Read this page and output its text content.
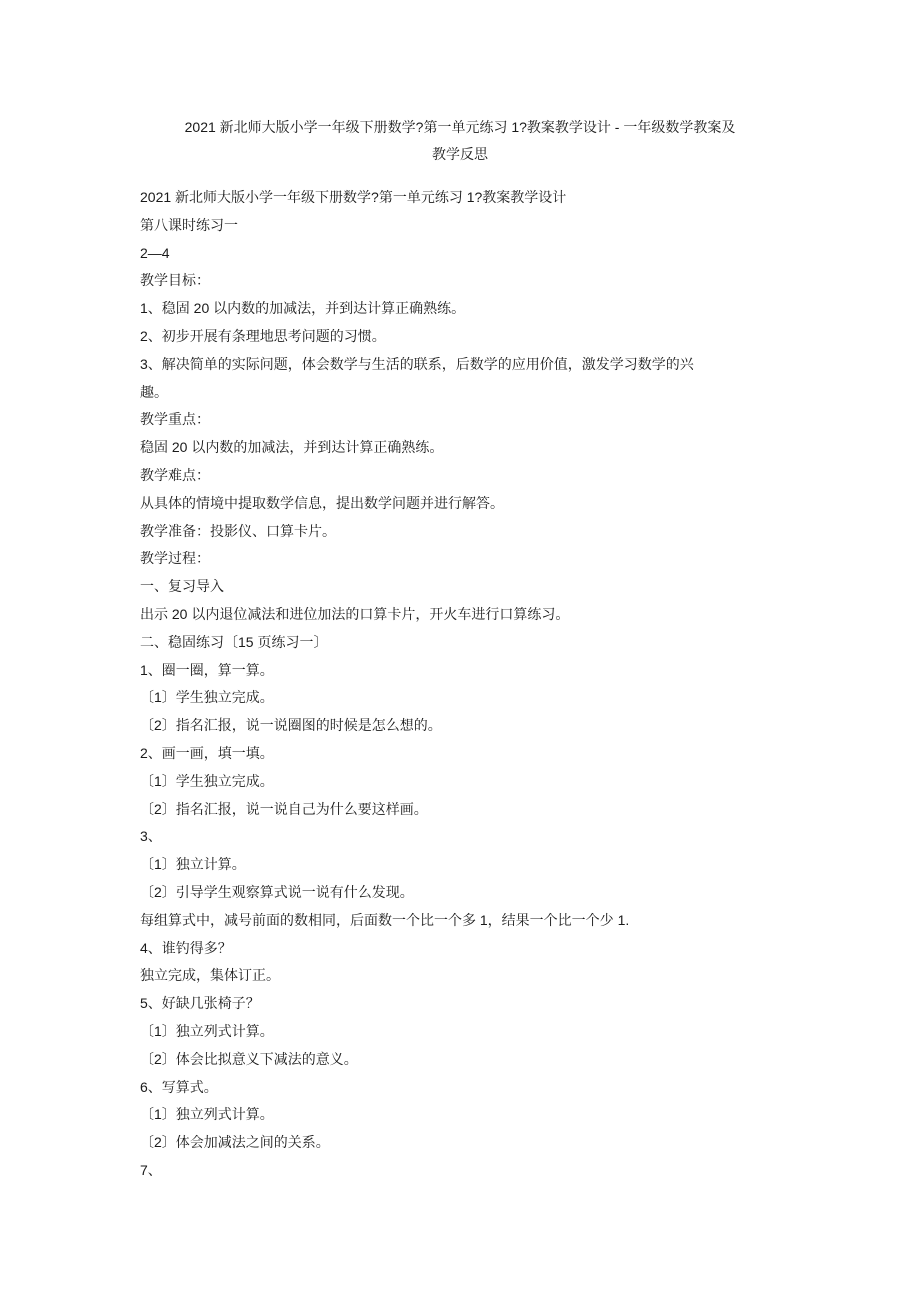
2021 新北师大版小学一年级下册数学?第一单元练习 1?教案教学设计 - 一年级数学教案及
教学反思
2021 新北师大版小学一年级下册数学?第一单元练习 1?教案教学设计
第八课时练习一
2—4
教学目标：
1、稳固 20 以内数的加减法，并到达计算正确熟练。
2、初步开展有条理地思考问题的习惯。
3、解决简单的实际问题，体会数学与生活的联系，后数学的应用价值，激发学习数学的兴
趣。
教学重点：
稳固 20 以内数的加减法，并到达计算正确熟练。
教学难点：
从具体的情境中提取数学信息，提出数学问题并进行解答。
教学准备：投影仪、口算卡片。
教学过程：
一、复习导入
出示 20 以内退位减法和进位加法的口算卡片，开火车进行口算练习。
二、稳固练习〔15 页练习一〕
1、圈一圈，算一算。
〔1〕学生独立完成。
〔2〕指名汇报，说一说圈图的时候是怎么想的。
2、画一画，填一填。
〔1〕学生独立完成。
〔2〕指名汇报，说一说自己为什么要这样画。
3、
〔1〕独立计算。
〔2〕引导学生观察算式说一说有什么发现。
每组算式中，减号前面的数相同，后面数一个比一个多 1，结果一个比一个少 1.
4、谁钓得多？
独立完成，集体订正。
5、好缺几张椅子？
〔1〕独立列式计算。
〔2〕体会比拟意义下减法的意义。
6、写算式。
〔1〕独立列式计算。
〔2〕体会加减法之间的关系。
7、
